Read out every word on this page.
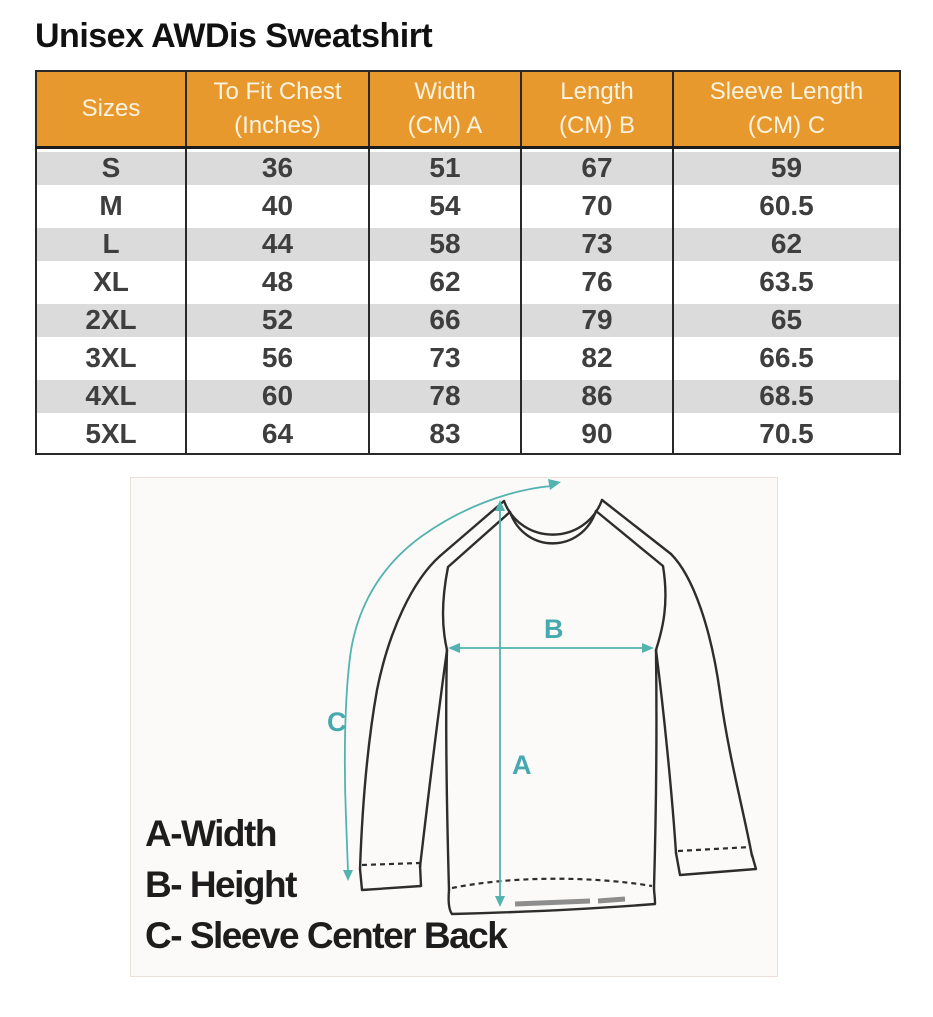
Unisex AWDis Sweatshirt
Sizes

To Fit Chest
(Inches)

Width
(CM) A

Length
(CM) B

Sleeve Length
(CM) C

S	36	51	67	59
M	40	54	70	60.5
L	44	58	73	62
XL	48	62	76	63.5
2XL	52	66	79	65
3XL	56	73	82	66.5
4XL	60	78	86	68.5
5XL	64	83	90	70.5
A
B
C
A-Width
B- Height
C- Sleeve Center Back
